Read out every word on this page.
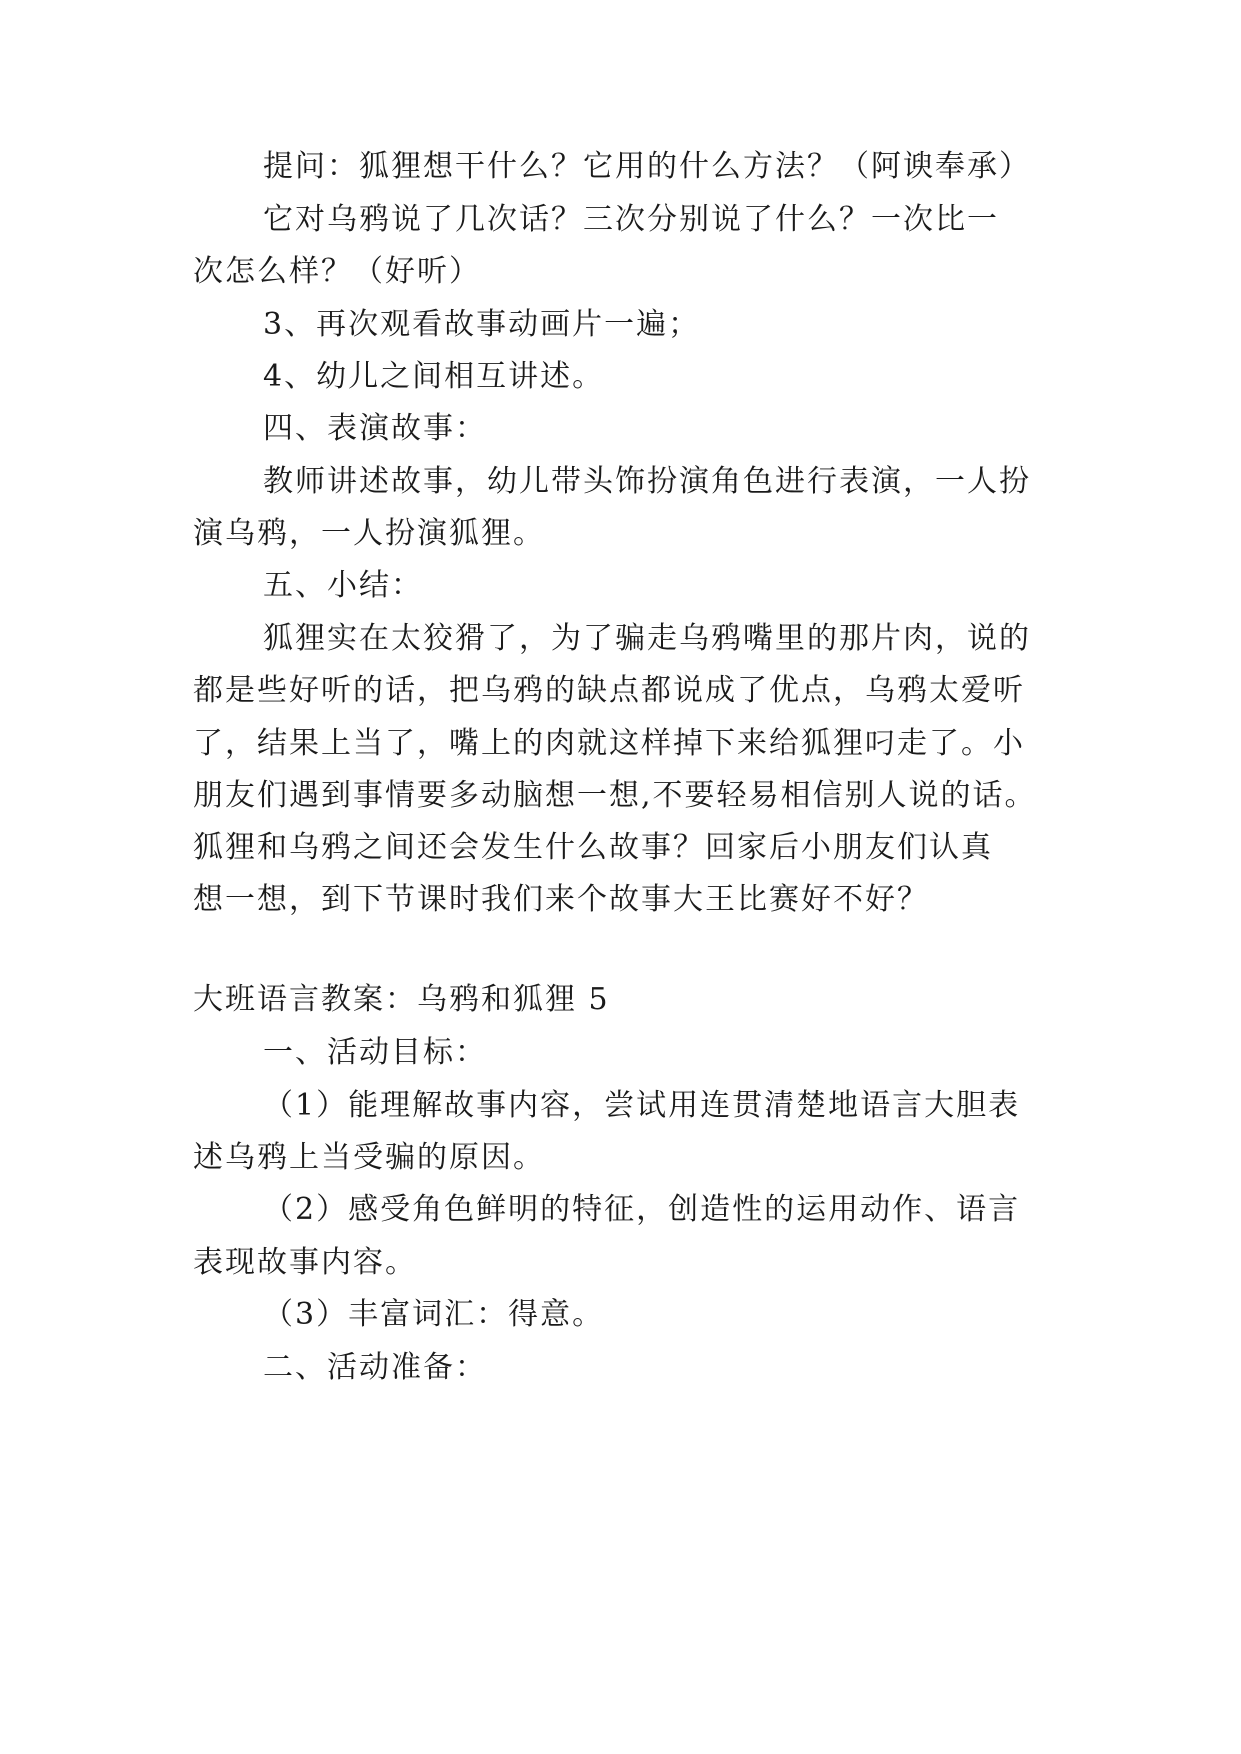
提问：狐狸想干什么？它用的什么方法？（阿谀奉承）
它对乌鸦说了几次话？三次分别说了什么？一次比一
次怎么样？（好听）
3、再次观看故事动画片一遍；
4、幼儿之间相互讲述。
四、表演故事：
教师讲述故事，幼儿带头饰扮演角色进行表演，一人扮
演乌鸦，一人扮演狐狸。
五、小结：
狐狸实在太狡猾了，为了骗走乌鸦嘴里的那片肉，说的
都是些好听的话，把乌鸦的缺点都说成了优点，乌鸦太爱听
了，结果上当了，嘴上的肉就这样掉下来给狐狸叼走了。小
朋友们遇到事情要多动脑想一想,不要轻易相信别人说的话。
狐狸和乌鸦之间还会发生什么故事？回家后小朋友们认真
想一想，到下节课时我们来个故事大王比赛好不好？
大班语言教案：乌鸦和狐狸 5
一、活动目标：
（1）能理解故事内容，尝试用连贯清楚地语言大胆表
述乌鸦上当受骗的原因。
（2）感受角色鲜明的特征，创造性的运用动作、语言
表现故事内容。
（3）丰富词汇：得意。
二、活动准备：
